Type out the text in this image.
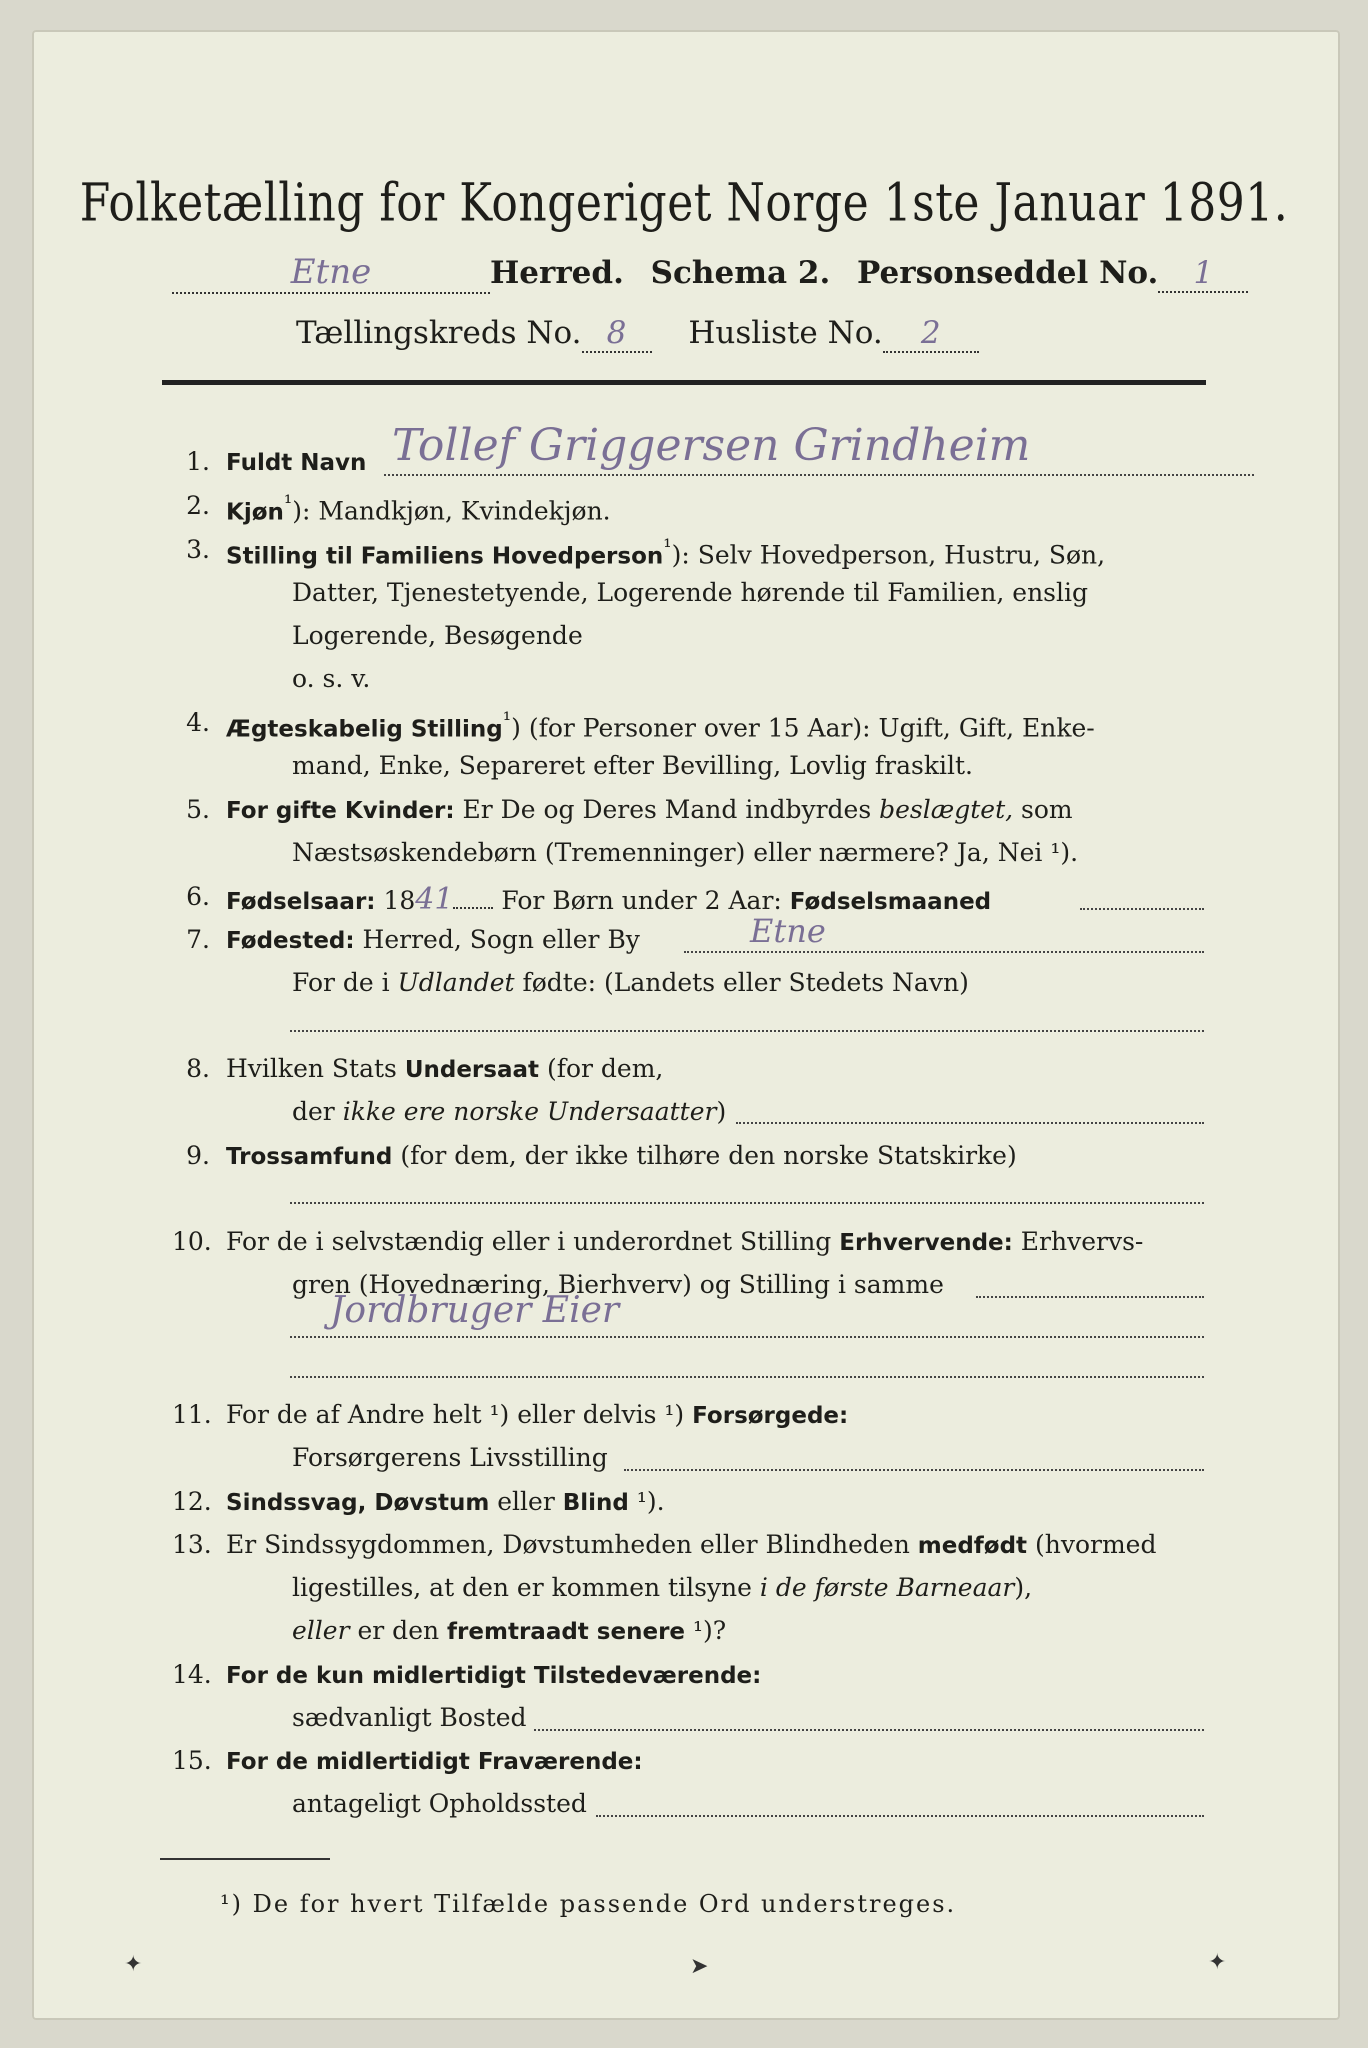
Folketælling for Kongeriget Norge 1ste Januar 1891.
Etne	Herred. Schema 2. Personseddel No. 1
Tællingskreds No. 8 Husliste No. 2
1. Fuldt Navn Tollef Griggersen Grindheim
2. Kjøn$^{^1}$): Mandkjøn, Kvindekjøn.
3. Stilling til Familiens Hovedperson$^{^1}$): Selv Hovedperson, Hustru, Søn,
Datter, Tjenestetyende, Logerende hørende til Familien, enslig
Logerende, Besøgende
o. s. v.
4. Ægteskabelig Stilling$^{^1}$) (for Personer over 15 Aar): Ugift, Gift, Enke-
mand, Enke, Separeret efter Bevilling, Lovlig fraskilt.
5. For gifte Kvinder: Er De og Deres Mand indbyrdes beslægtet, som
Næstsøskendebørn (Tremenninger) eller nærmere? Ja, Nei ¹).
6. Fødselsaar: 1841 For Børn under 2 Aar: Fødselsmaaned
7. Fødested: Herred, Sogn eller By	Etne
For de i Udlandet fødte: (Landets eller Stedets Navn)
8. Hvilken Stats Undersaat (for dem,
der ikke ere norske Undersaatter)
9. Trossamfund (for dem, der ikke tilhøre den norske Statskirke)
10. For de i selvstændig eller i underordnet Stilling Erhvervende: Erhvervs-
gren (Hovednæring, Bierhverv) og Stilling i samme
Jordbruger Eier
11. For de af Andre helt ¹) eller delvis ¹) Forsørgede:
Forsørgerens Livsstilling
12. Sindssvag, Døvstum eller Blind ¹).
13. Er Sindssygdommen, Døvstumheden eller Blindheden medfødt (hvormed
ligestilles, at den er kommen tilsyne i de første Barneaar),
eller er den fremtraadt senere ¹)?
14. For de kun midlertidigt Tilstedeværende:
sædvanligt Bosted
15. For de midlertidigt Fraværende:
antageligt Opholdssted
¹) De for hvert Tilfælde passende Ord understreges.
✦	➤	✦
